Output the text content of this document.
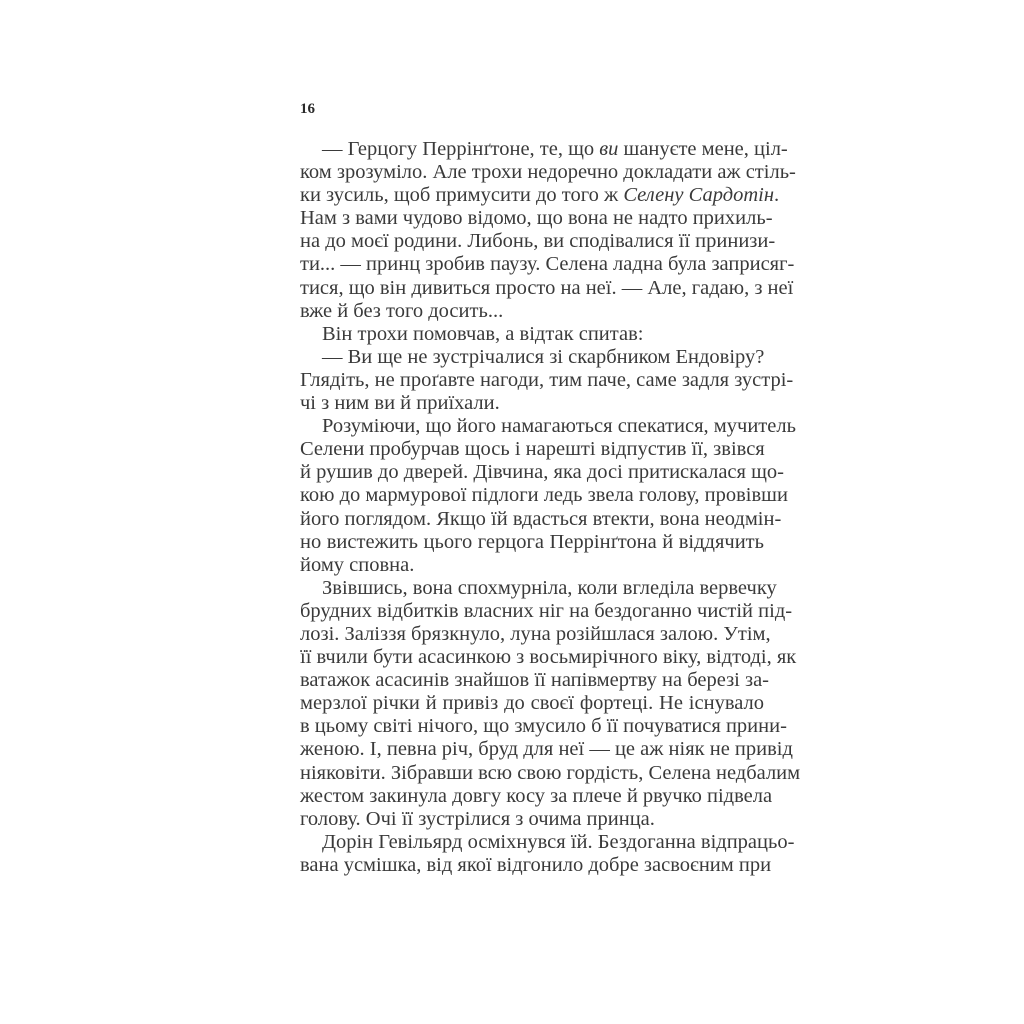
16
— Герцогу Перрінґтоне, те, що ви шануєте мене, ціл-
ком зрозуміло. Але трохи недоречно докладати аж стіль-
ки зусиль, щоб примусити до того ж Селену Сардотін.
Нам з вами чудово відомо, що вона не надто прихиль-
на до моєї родини. Либонь, ви сподівалися її принизи-
ти... — принц зробив паузу. Селена ладна була заприсяг-
тися, що він дивиться просто на неї. — Але, гадаю, з неї
вже й без того досить...
Він трохи помовчав, а відтак спитав:
— Ви ще не зустрічалися зі скарбником Ендовіру?
Глядіть, не проґавте нагоди, тим паче, саме задля зустрі-
чі з ним ви й приїхали.
Розуміючи, що його намагаються спекатися, мучитель
Селени пробурчав щось і нарешті відпустив її, звівся
й рушив до дверей. Дівчина, яка досі притискалася що-
кою до мармурової підлоги ледь звела голову, провівши
його поглядом. Якщо їй вдасться втекти, вона неодмін-
но вистежить цього герцога Перрінґтона й віддячить
йому сповна.
Звівшись, вона спохмурніла, коли вгледіла вервечку
брудних відбитків власних ніг на бездоганно чистій під-
лозі. Заліззя брязкнуло, луна розійшлася залою. Утім,
її вчили бути асасинкою з восьмирічного віку, відтоді, як
ватажок асасинів знайшов її напівмертву на березі за-
мерзлої річки й привіз до своєї фортеці. Не існувало
в цьому світі нічого, що змусило б її почуватися прини-
женою. І, певна річ, бруд для неї — це аж ніяк не привід
ніяковіти. Зібравши всю свою гордість, Селена недбалим
жестом закинула довгу косу за плече й рвучко підвела
голову. Очі її зустрілися з очима принца.
Дорін Гевільярд осміхнувся їй. Бездоганна відпрацьо-
вана усмішка, від якої відгонило добре засвоєним при
